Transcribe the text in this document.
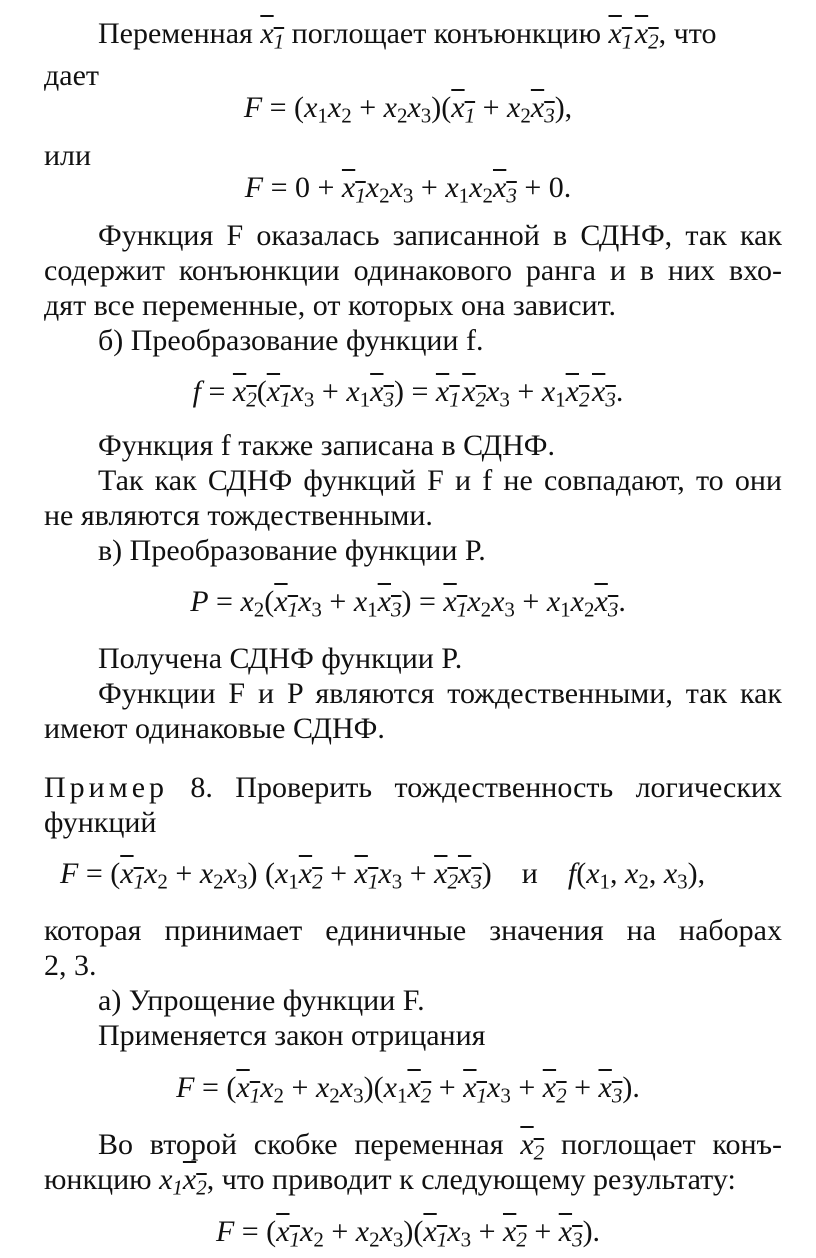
Переменная $x_1$ поглощает конъюнкцию $x_1$ $x_2$, что
дает
$F = (x_1x_2 + x_2x_3)(x_1 + x_2x_3)$,
или
$F = 0 + x_1x_2x_3 + x_1x_2x_3 + 0$.
Функция F оказалась записанной в СДНФ, так как
содержит конъюнкции одинакового ранга и в них вхо-
дят все переменные, от которых она зависит.
б) Преобразование функции f.
$f = x_2(x_1x_3 + x_1x_3) = x_1$ $x_2x_3 + x_1x_2$ $x_3$.
Функция f также записана в СДНФ.
Так как СДНФ функций F и f не совпадают, то они
не являются тождественными.
в) Преобразование функции P.
$P = x_2(x_1x_3 + x_1x_3) = x_1x_2x_3 + x_1x_2x_3$.
Получена СДНФ функции P.
Функции F и P являются тождественными, так как
имеют одинаковые СДНФ.
Пример 8. Проверить тождественность логических
функций
$F = (x_1x_2 + x_2x_3) (x_1x_2 + x_1x_3 + x_2x_3)$    и $f(x_1$, $x_2$, $x_3$),
которая принимает единичные значения на наборах
2, 3.
а) Упрощение функции F.
Применяется закон отрицания
$F = (x_1x_2 + x_2x_3)(x_1x_2 + x_1x_3 + x_2 + x_3)$.
Во второй скобке переменная $x_2$ поглощает конъ-
юнкцию $x_1x_2$, что приводит к следующему результату:
$F = (x_1x_2 + x_2x_3)(x_1x_3 + x_2 + x_3)$.
